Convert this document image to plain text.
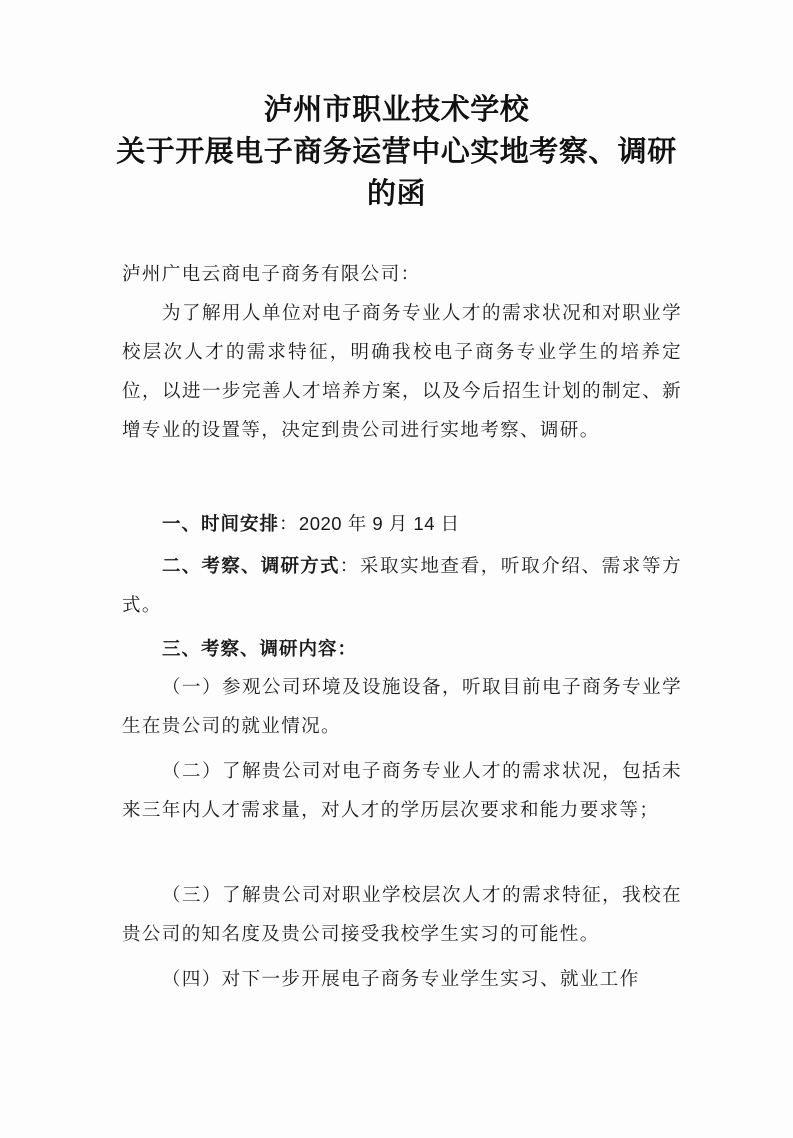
泸州市职业技术学校
关于开展电子商务运营中心实地考察、调研
的函
泸州广电云商电子商务有限公司：
为了解用人单位对电子商务专业人才的需求状况和对职业学校层次人才的需求特征，明确我校电子商务专业学生的培养定位，以进一步完善人才培养方案，以及今后招生计划的制定、新增专业的设置等，决定到贵公司进行实地考察、调研。
一、时间安排：2020 年 9 月 14 日
二、考察、调研方式：采取实地查看，听取介绍、需求等方式。
三、考察、调研内容：
（一）参观公司环境及设施设备，听取目前电子商务专业学生在贵公司的就业情况。
（二）了解贵公司对电子商务专业人才的需求状况，包括未来三年内人才需求量，对人才的学历层次要求和能力要求等；
（三）了解贵公司对职业学校层次人才的需求特征，我校在贵公司的知名度及贵公司接受我校学生实习的可能性。
（四）对下一步开展电子商务专业学生实习、就业工作
